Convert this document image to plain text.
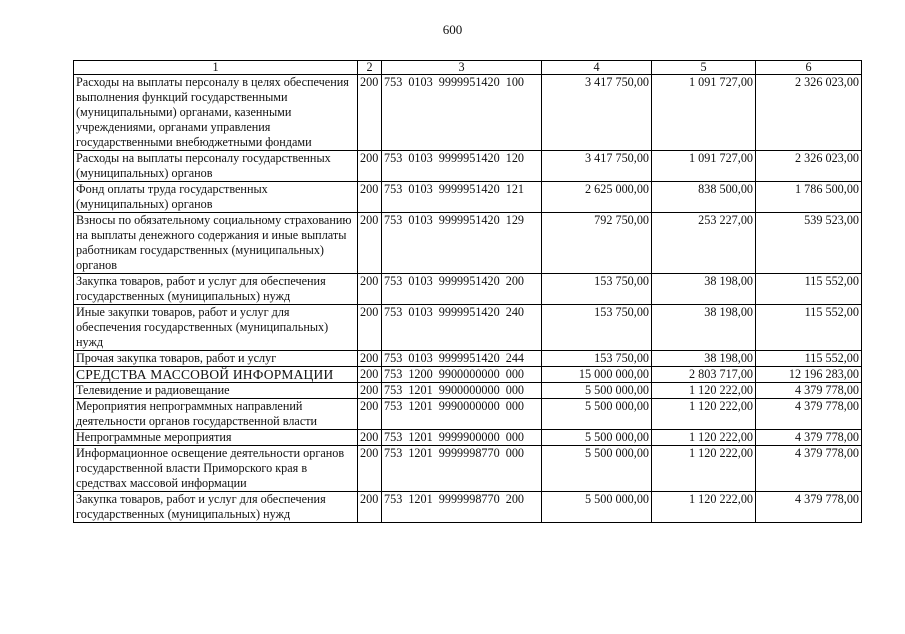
600
1	2	3	4	5	6
Расходы на выплаты персоналу в целях обеспечения выполнения функций государственными (муниципальными) органами, казенными учреждениями, органами управления государственными внебюджетными фондами	200	753 0103 9999951420 100	3 417 750,00	1 091 727,00	2 326 023,00
Расходы на выплаты персоналу государственных (муниципальных) органов	200	753 0103 9999951420 120	3 417 750,00	1 091 727,00	2 326 023,00
Фонд оплаты труда государственных (муниципальных) органов	200	753 0103 9999951420 121	2 625 000,00	838 500,00	1 786 500,00
Взносы по обязательному социальному страхованию на выплаты денежного содержания и иные выплаты работникам государственных (муниципальных) органов	200	753 0103 9999951420 129	792 750,00	253 227,00	539 523,00
Закупка товаров, работ и услуг для обеспечения государственных (муниципальных) нужд	200	753 0103 9999951420 200	153 750,00	38 198,00	115 552,00
Иные закупки товаров, работ и услуг для обеспечения государственных (муниципальных) нужд	200	753 0103 9999951420 240	153 750,00	38 198,00	115 552,00
Прочая закупка товаров, работ и услуг	200	753 0103 9999951420 244	153 750,00	38 198,00	115 552,00
СРЕДСТВА МАССОВОЙ ИНФОРМАЦИИ	200	753 1200 9900000000 000	15 000 000,00	2 803 717,00	12 196 283,00
Телевидение и радиовещание	200	753 1201 9900000000 000	5 500 000,00	1 120 222,00	4 379 778,00
Мероприятия непрограммных направлений деятельности органов государственной власти	200	753 1201 9990000000 000	5 500 000,00	1 120 222,00	4 379 778,00
Непрограммные мероприятия	200	753 1201 9999900000 000	5 500 000,00	1 120 222,00	4 379 778,00
Информационное освещение деятельности органов государственной власти Приморского края в средствах массовой информации	200	753 1201 9999998770 000	5 500 000,00	1 120 222,00	4 379 778,00
Закупка товаров, работ и услуг для обеспечения государственных (муниципальных) нужд	200	753 1201 9999998770 200	5 500 000,00	1 120 222,00	4 379 778,00
